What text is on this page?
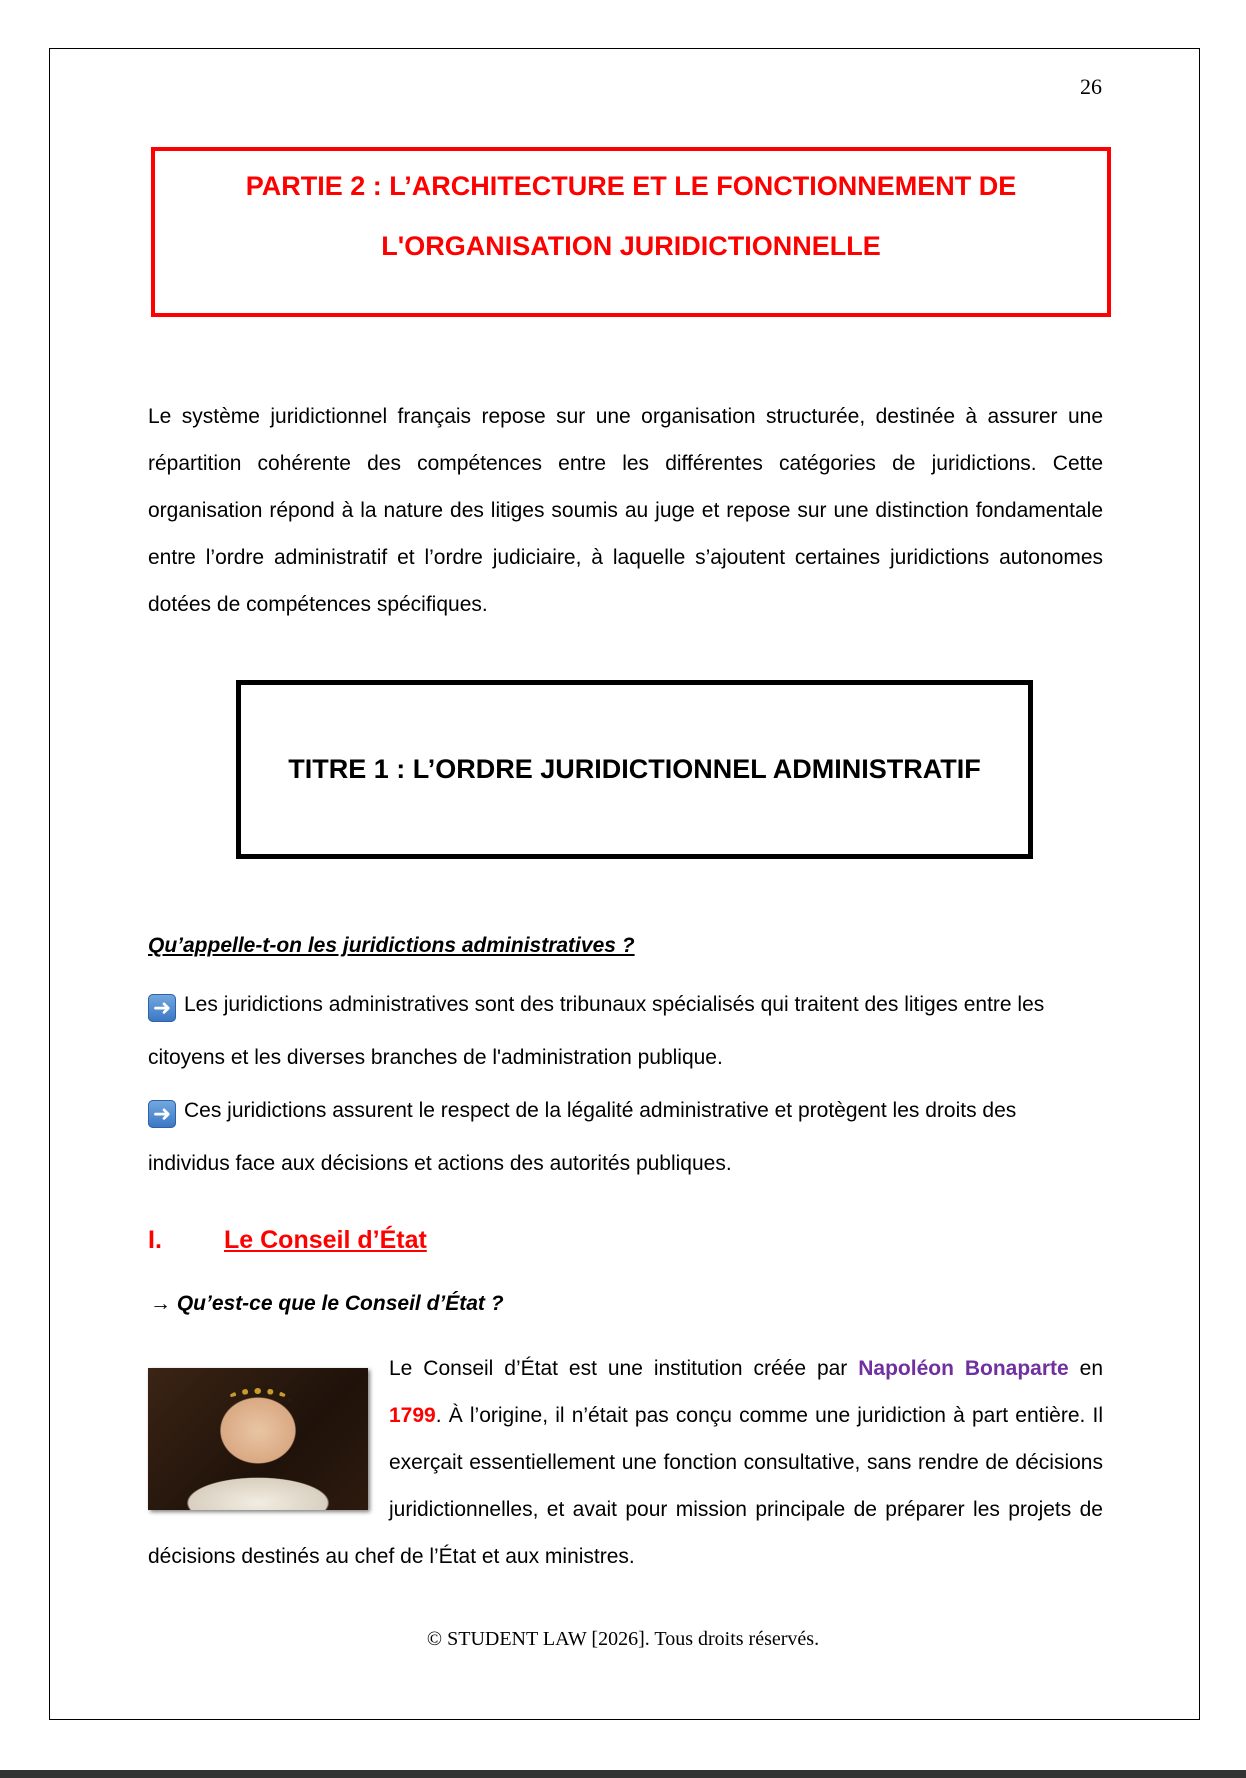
26
PARTIE 2 : L’ARCHITECTURE ET LE FONCTIONNEMENT DE
L'ORGANISATION JURIDICTIONNELLE
Le système juridictionnel français repose sur une organisation structurée, destinée à assurer une répartition cohérente des compétences entre les différentes catégories de juridictions. Cette organisation répond à la nature des litiges soumis au juge et repose sur une distinction fondamentale entre l’ordre administratif et l’ordre judiciaire, à laquelle s’ajoutent certaines juridictions autonomes dotées de compétences spécifiques.
TITRE 1 : L’ORDRE JURIDICTIONNEL ADMINISTRATIF
Qu’appelle-t-on les juridictions administratives ?
➜ Les juridictions administratives sont des tribunaux spécialisés qui traitent des litiges entre les citoyens et les diverses branches de l'administration publique.
➜ Ces juridictions assurent le respect de la légalité administrative et protègent les droits des individus face aux décisions et actions des autorités publiques.
I. Le Conseil d’État
→ Qu’est-ce que le Conseil d’État ?
Le Conseil d’État est une institution créée par Napoléon Bonaparte en 1799. À l’origine, il n’était pas conçu comme une juridiction à part entière. Il exerçait essentiellement une fonction consultative, sans rendre de décisions juridictionnelles, et avait pour mission principale de préparer les projets de décisions destinés au chef de l’État et aux ministres.
© STUDENT LAW [2026]. Tous droits réservés.
